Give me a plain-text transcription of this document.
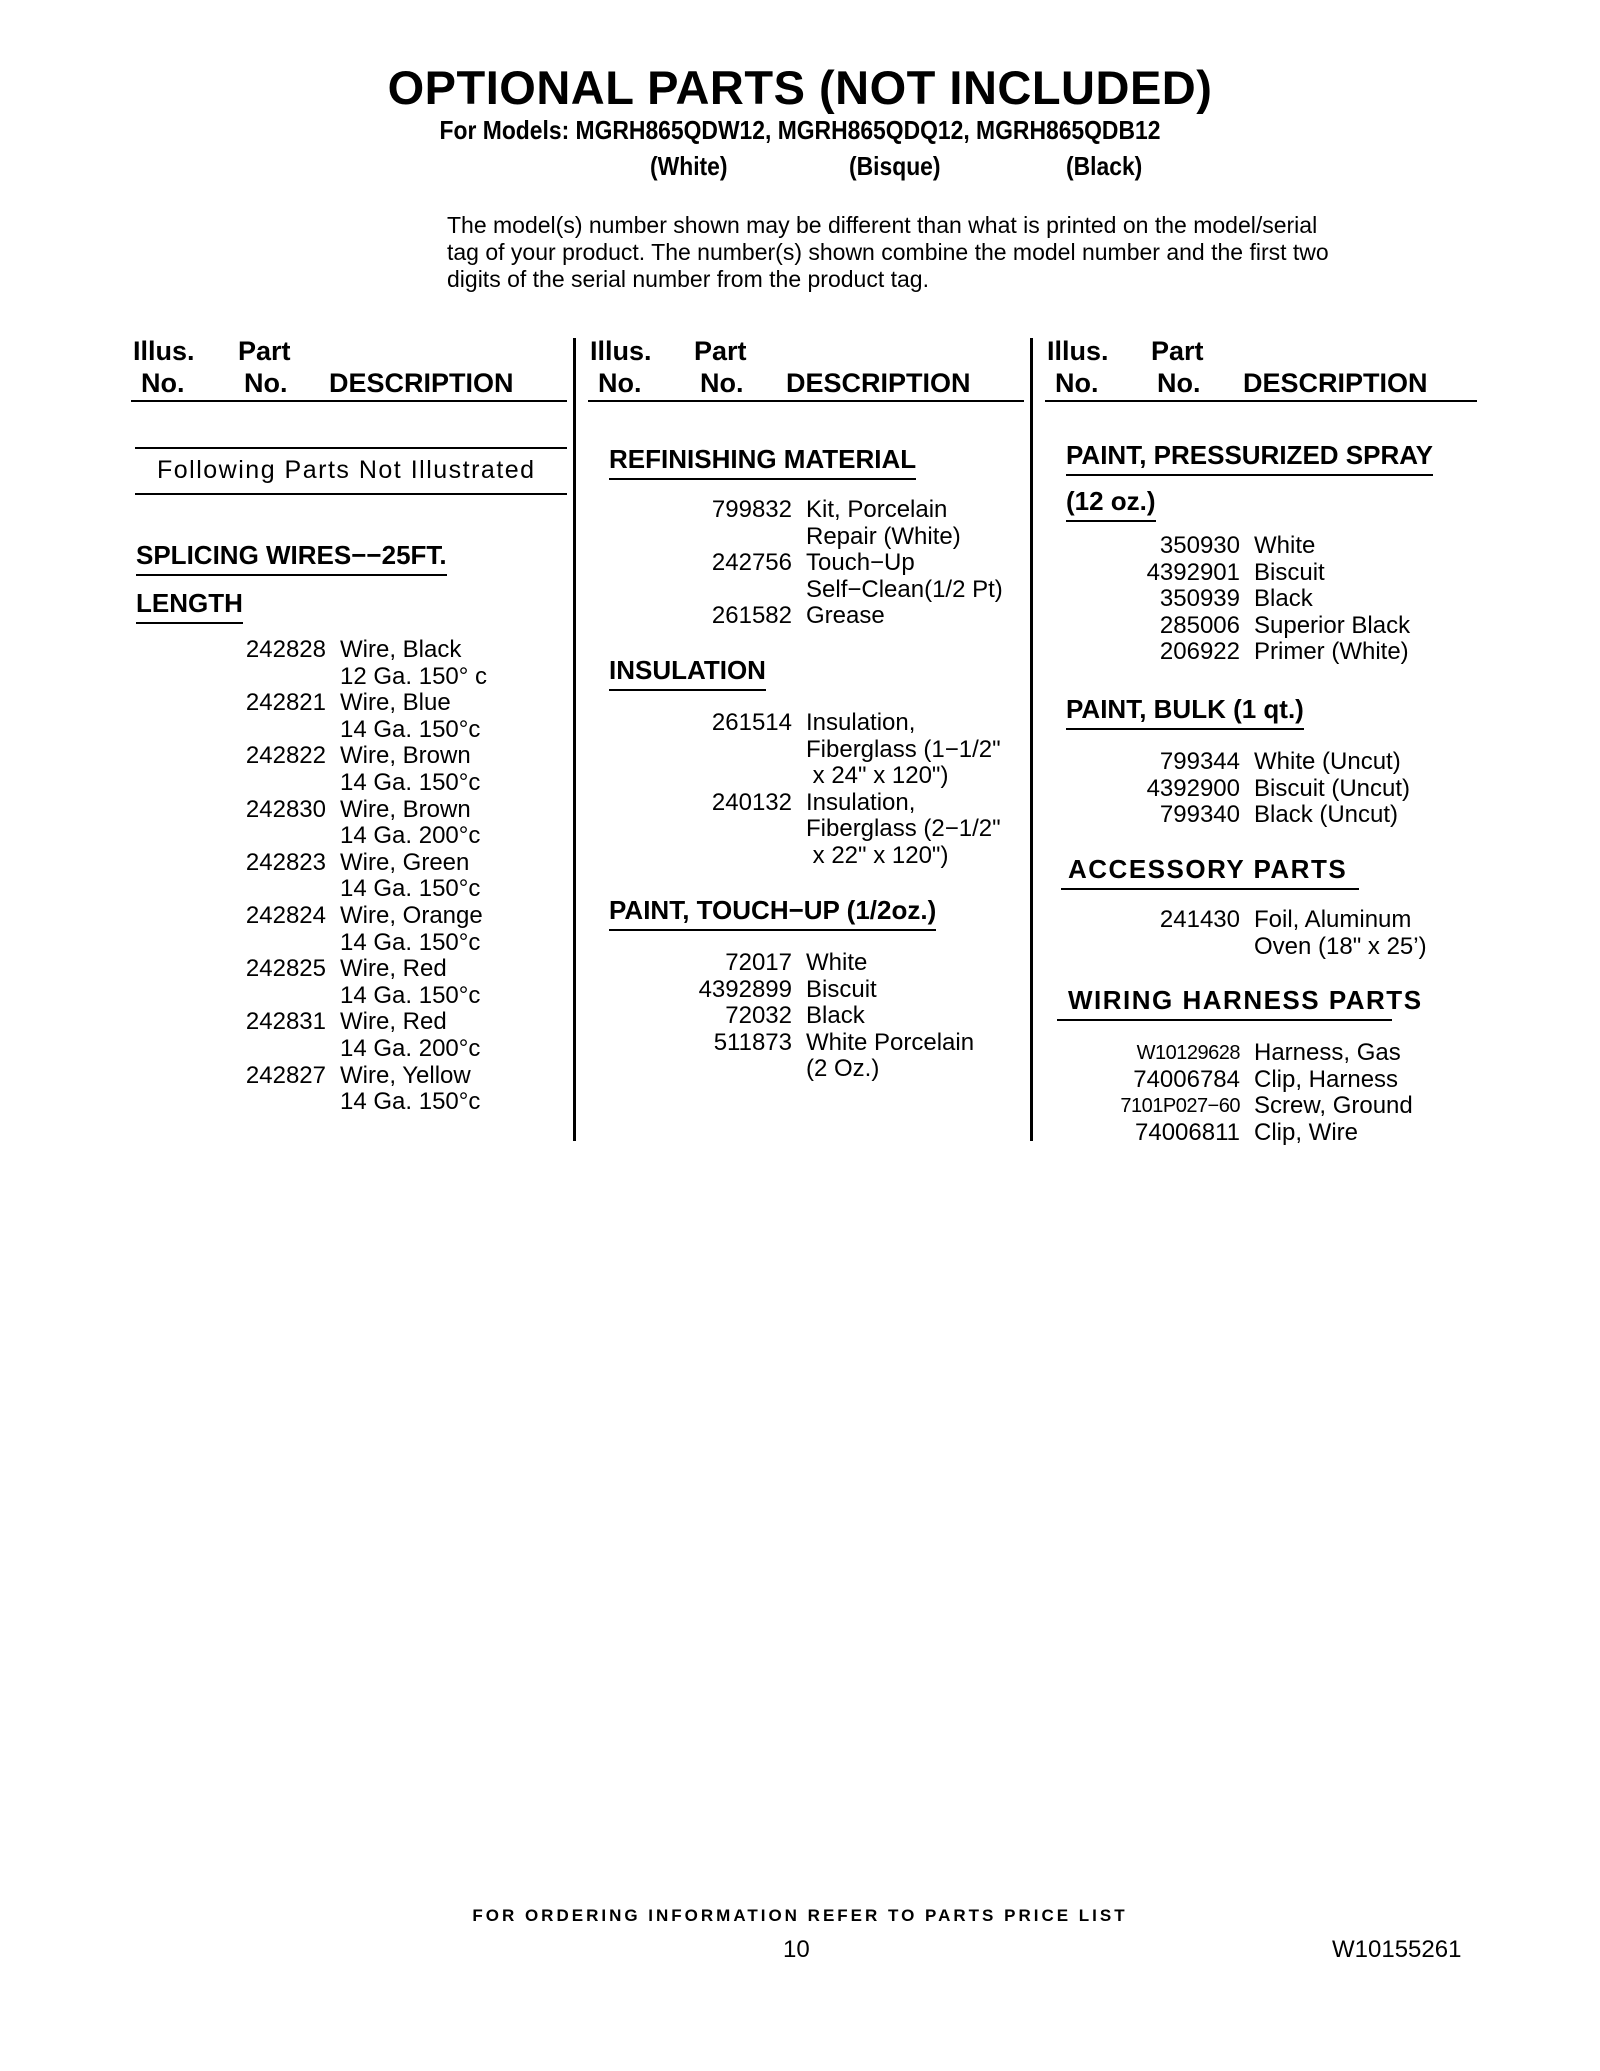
OPTIONAL PARTS (NOT INCLUDED)
For Models: MGRH865QDW12, MGRH865QDQ12, MGRH865QDB12
(White)	(Bisque)	(Black)
The model(s) number shown may be different than what is printed on the model/serial tag of your product. The number(s) shown combine the model number and the first two digits of the serial number from the product tag.
Illus.
No.
Part
No. DESCRIPTION
Illus.
No.
Part
No. DESCRIPTION
Illus.
No.
Part
No. DESCRIPTION
Following Parts Not Illustrated
SPLICING WIRES−−25FT.
LENGTH
242828 Wire, Black
12 Ga. 150° c
242821 Wire, Blue
14 Ga. 150°c
242822 Wire, Brown
14 Ga. 150°c
242830 Wire, Brown
14 Ga. 200°c
242823 Wire, Green
14 Ga. 150°c
242824 Wire, Orange
14 Ga. 150°c
242825 Wire, Red
14 Ga. 150°c
242831 Wire, Red
14 Ga. 200°c
242827 Wire, Yellow
14 Ga. 150°c
REFINISHING MATERIAL
799832 Kit, Porcelain
Repair (White)
242756 Touch−Up
Self−Clean(1/2 Pt)
261582 Grease
INSULATION
261514 Insulation,
Fiberglass (1−1/2"
x 24" x 120")
240132 Insulation,
Fiberglass (2−1/2"
x 22" x 120")
PAINT, TOUCH−UP (1/2oz.)
72017 White
4392899 Biscuit
72032 Black
511873 White Porcelain
(2 Oz.)
PAINT, PRESSURIZED SPRAY
(12 oz.)
350930 White
4392901 Biscuit
350939 Black
285006 Superior Black
206922 Primer (White)
PAINT, BULK (1 qt.)
799344 White (Uncut)
4392900 Biscuit (Uncut)
799340 Black (Uncut)
ACCESSORY PARTS
241430 Foil, Aluminum
Oven (18" x 25’)
WIRING HARNESS PARTS
W10129628 Harness, Gas
74006784 Clip, Harness
7101P027−60 Screw, Ground
74006811 Clip, Wire
FOR ORDERING INFORMATION REFER TO PARTS PRICE LIST
10	W10155261
